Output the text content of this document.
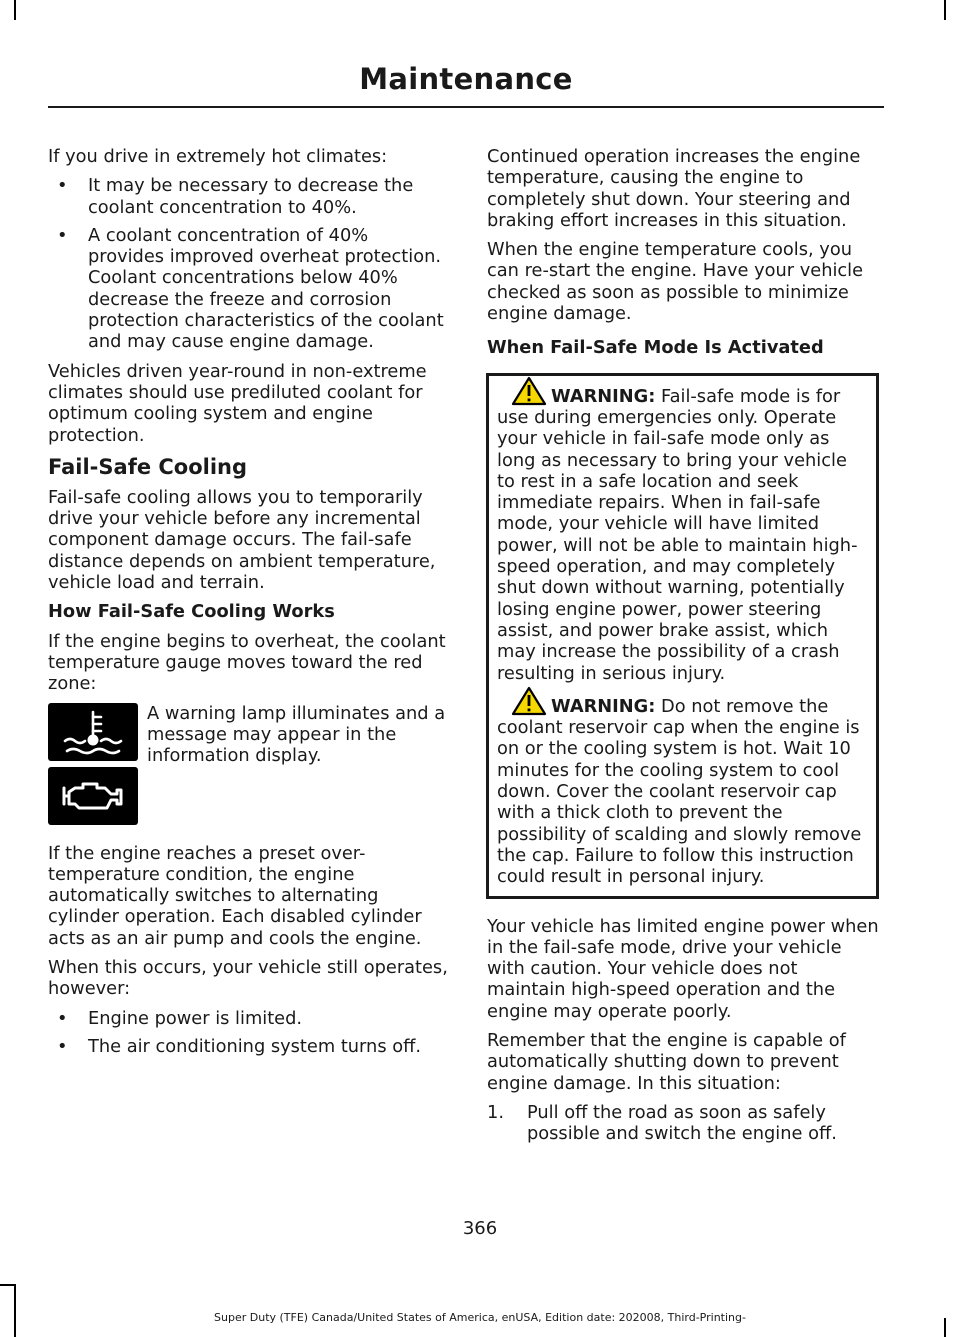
Maintenance

If you drive in extremely hot climates:

• It may be necessary to decrease the coolant concentration to 40%.
• A coolant concentration of 40% provides improved overheat protection. Coolant concentrations below 40% decrease the freeze and corrosion protection characteristics of the coolant and may cause engine damage.

Vehicles driven year-round in non-extreme climates should use prediluted coolant for optimum cooling system and engine protection.

Fail-Safe Cooling

Fail-safe cooling allows you to temporarily drive your vehicle before any incremental component damage occurs. The fail-safe distance depends on ambient temperature, vehicle load and terrain.

How Fail-Safe Cooling Works

If the engine begins to overheat, the coolant temperature gauge moves toward the red zone:

A warning lamp illuminates and a message may appear in the information display.

If the engine reaches a preset over-temperature condition, the engine automatically switches to alternating cylinder operation. Each disabled cylinder acts as an air pump and cools the engine.

When this occurs, your vehicle still operates, however:

• Engine power is limited.
• The air conditioning system turns off.

Continued operation increases the engine temperature, causing the engine to completely shut down. Your steering and braking effort increases in this situation.

When the engine temperature cools, you can re-start the engine. Have your vehicle checked as soon as possible to minimize engine damage.

When Fail-Safe Mode Is Activated

WARNING: Fail-safe mode is for use during emergencies only. Operate your vehicle in fail-safe mode only as long as necessary to bring your vehicle to rest in a safe location and seek immediate repairs. When in fail-safe mode, your vehicle will have limited power, will not be able to maintain high-speed operation, and may completely shut down without warning, potentially losing engine power, power steering assist, and power brake assist, which may increase the possibility of a crash resulting in serious injury.

WARNING: Do not remove the coolant reservoir cap when the engine is on or the cooling system is hot. Wait 10 minutes for the cooling system to cool down. Cover the coolant reservoir cap with a thick cloth to prevent the possibility of scalding and slowly remove the cap. Failure to follow this instruction could result in personal injury.

Your vehicle has limited engine power when in the fail-safe mode, drive your vehicle with caution. Your vehicle does not maintain high-speed operation and the engine may operate poorly.

Remember that the engine is capable of automatically shutting down to prevent engine damage. In this situation:

1. Pull off the road as soon as safely possible and switch the engine off.
366
Super Duty (TFE) Canada/United States of America, enUSA, Edition date: 202008, Third-Printing-
